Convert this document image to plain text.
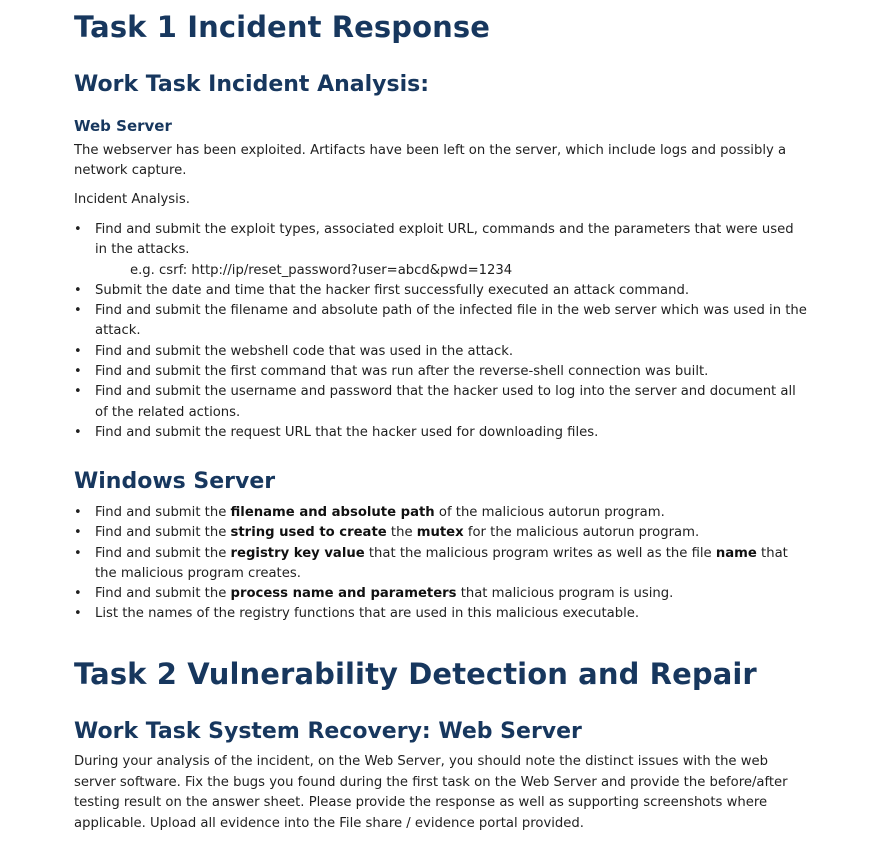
Task 1 Incident Response
Work Task Incident Analysis:
Web Server

The webserver has been exploited. Artifacts have been left on the server, which include logs and possibly a network capture.

Incident Analysis.

• Find and submit the exploit types, associated exploit URL, commands and the parameters that were used in the attacks.
e.g. csrf: http://ip/reset_password?user=abcd&pwd=1234
• Submit the date and time that the hacker first successfully executed an attack command.
• Find and submit the filename and absolute path of the infected file in the web server which was used in the attack.
• Find and submit the webshell code that was used in the attack.
• Find and submit the first command that was run after the reverse-shell connection was built.
• Find and submit the username and password that the hacker used to log into the server and document all of the related actions.
• Find and submit the request URL that the hacker used for downloading files.
Windows Server
• Find and submit the filename and absolute path of the malicious autorun program.
• Find and submit the string used to create the mutex for the malicious autorun program.
• Find and submit the registry key value that the malicious program writes as well as the file name that the malicious program creates.
• Find and submit the process name and parameters that malicious program is using.
• List the names of the registry functions that are used in this malicious executable.
Task 2 Vulnerability Detection and Repair
Work Task System Recovery: Web Server

During your analysis of the incident, on the Web Server, you should note the distinct issues with the web server software. Fix the bugs you found during the first task on the Web Server and provide the before/after testing result on the answer sheet. Please provide the response as well as supporting screenshots where applicable. Upload all evidence into the File share / evidence portal provided.
